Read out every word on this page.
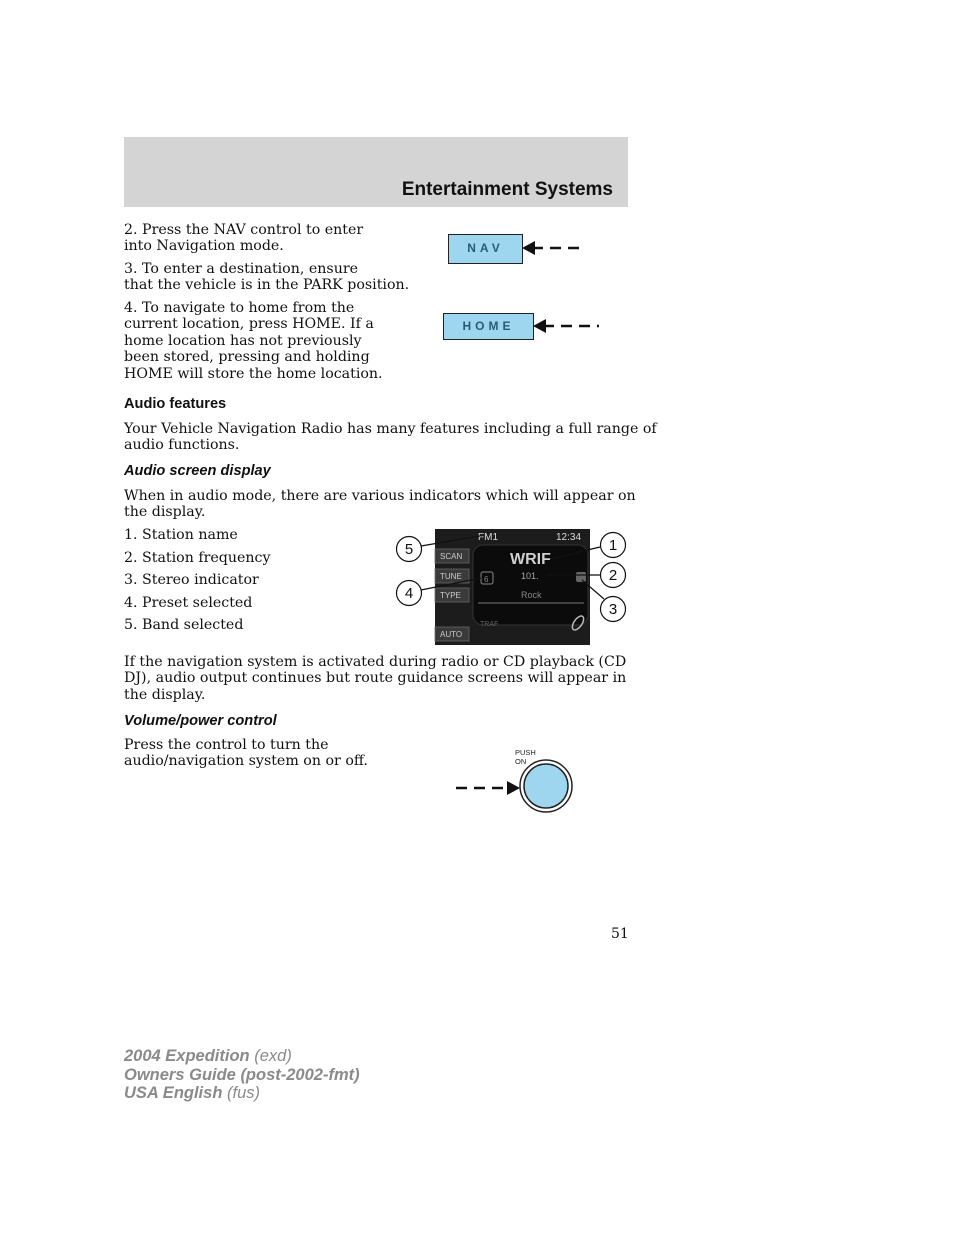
Entertainment Systems
2. Press the NAV control to enter
into Navigation mode.
3. To enter a destination, ensure
that the vehicle is in the PARK position.
4. To navigate to home from the
current location, press HOME. If a
home location has not previously
been stored, pressing and holding
HOME will store the home location.
NAV
HOME
Audio features
Your Vehicle Navigation Radio has many features including a full range of
audio functions.
Audio screen display
When in audio mode, there are various indicators which will appear on
the display.
1. Station name
2. Station frequency
3. Stereo indicator
4. Preset selected
5. Band selected
FM1	12:34
SCAN
TUNE
TYPE
AUTO
WRIF
101.
Rock
6
TRAF
5
4
1
2
3
If the navigation system is activated during radio or CD playback (CD
DJ), audio output continues but route guidance screens will appear in
the display.
Volume/power control
Press the control to turn the
audio/navigation system on or off.
PUSH
ON
51
2004 Expedition (exd)
Owners Guide (post-2002-fmt)
USA English (fus)
